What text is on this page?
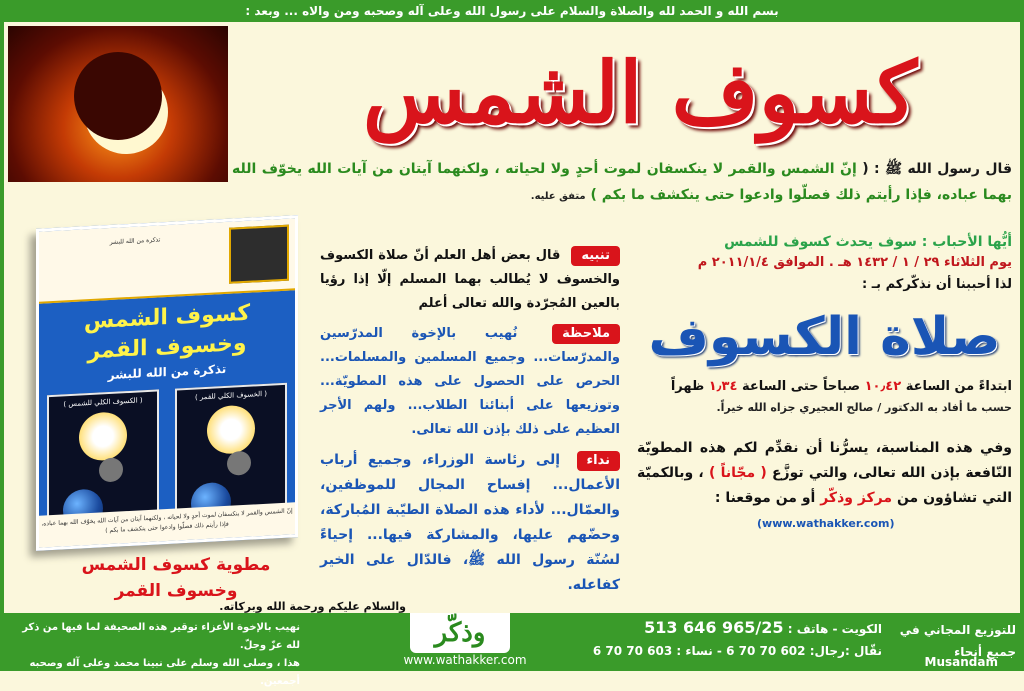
بسم الله و الحمد لله والصلاة والسلام على رسول الله وعلى آله وصحبه ومن والاه ... وبعد :
كسوف الشمس
قال رسول الله ﷺ : ( إنّ الشمس والقمر لا ينكسفان لموت أحدٍ ولا لحياته ، ولكنهما آيتان من آيات الله يخوّف الله بهما عباده، فإذا رأيتم ذلك فصلّوا وادعوا حتى ينكشف ما بكم ) متفق عليه.
أيُّها الأحباب : سوف يحدث كسوف للشمس
يوم الثلاثاء ٢٩ / ١ / ١٤٣٢ هـ . الموافق ٢٠١١/١/٤ م
لذا أحببنا أن نذكّركم بـ :
صلاة الكسوف
ابتداءً من الساعة ١٠٫٤٢ صباحاً حتى الساعة ١٫٣٤ ظهراً
حسب ما أفاد به الدكتور / صالح العجيري جزاه الله خيراً.
وفي هذه المناسبة، يسرُّنا أن نقدِّم لكم هذه المطويّة النّافعة بإذن الله تعالى، والتي توزَّع ( مجّاناً ) ، وبالكميّة التي تشاؤون من مركز وذكّر أو من موقعنا :
(www.wathakker.com)
تنبيه قال بعض أهل العلم أنّ صلاة الكسوف والخسوف لا يُطالب بهما المسلم إلّا إذا رؤيا بالعين المُجرّدة والله تعالى أعلم
ملاحظة نُهيب بالإخوة المدرّسين والمدرّسات... وجميع المسلمين والمسلمات... الحرص على الحصول على هذه المطويّة... وتوزيعها على أبنائنا الطلاب... ولهم الأجر العظيم على ذلك بإذن الله تعالى.
نداء إلى رئاسة الوزراء، وجميع أرباب الأعمال... إفساح المجال للموظفين، والعمّال... لأداء هذه الصلاة الطيّبة المُباركة، وحضّهم عليها، والمشاركة فيها... إحياءً لسُنّة رسول الله ﷺ، فالدّال على الخير كفاعله.
تذكرة من الله للبشر
كسوف الشمس وخسوف القمر
تذكرة من الله للبشر
( الخسوف الكلي للقمر )
( الكسوف الكلي للشمس )
إنّ الشمس والقمر لا ينكسفان لموت أحدٍ ولا لحياته ، ولكنهما آيتان من آيات الله يخوّف الله بهما عباده، فإذا رأيتم ذلك فصلّوا وادعوا حتى ينكشف ما بكم )
مطوية كسوف الشمس
وخسوف القمر
والسلام عليكم ورحمة الله وبركاته.
نهيب بالإخوة الأعزاء توقير هذه الصحيفة لما فيها من ذكر لله عزّ وجلّ.
هذا ، وصلى الله وسلم على نبينا محمد وعلى آله وصحبه أجمعين.
وذكّر
www.wathakker.com
الكويت - هاتف : 965/25 646 513
نقّال :رجال: 602 70 70 6 - نساء : 603 70 70 6
للتوزيع المجاني في جميع أنحاء
Musandam
